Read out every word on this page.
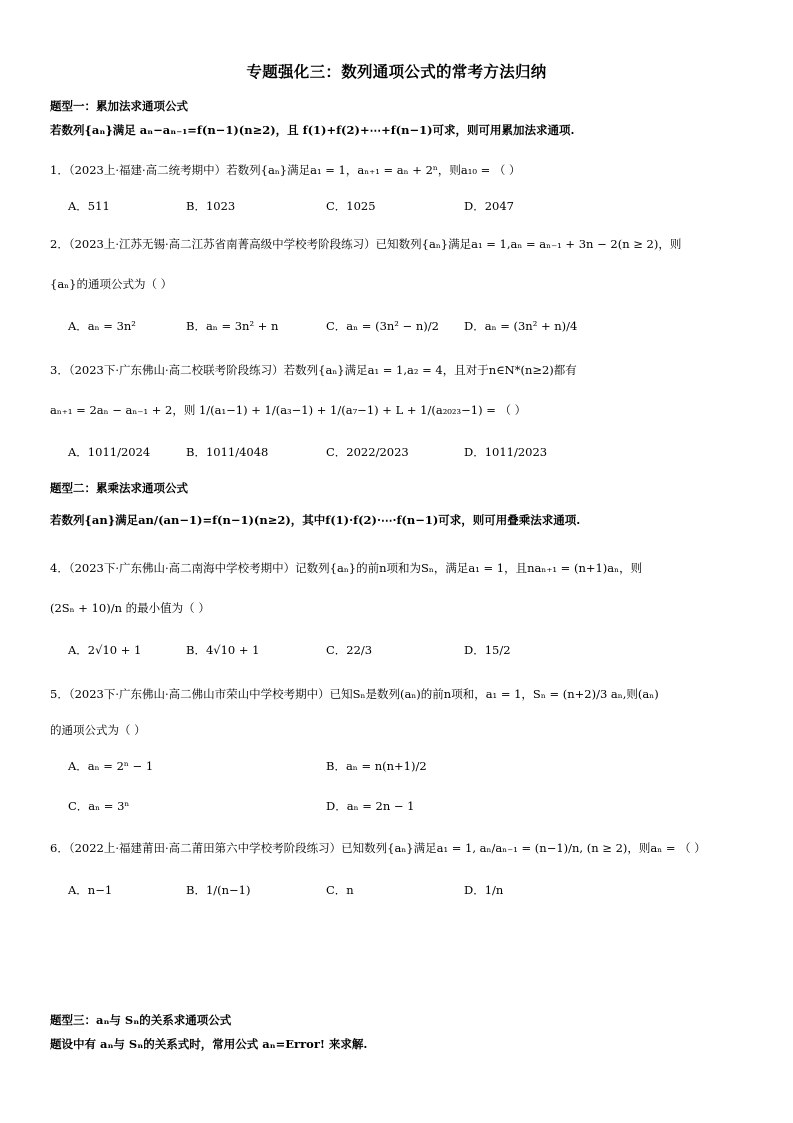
专题强化三：数列通项公式的常考方法归纳
题型一：累加法求通项公式
若数列{aₙ}满足 aₙ−aₙ₋₁=f(n−1)(n≥2)，且 f(1)+f(2)+⋯+f(n−1)可求，则可用累加法求通项.
1．（2023上·福建·高二统考期中）若数列{aₙ}满足a₁ = 1，aₙ₊₁ = aₙ + 2ⁿ，则a₁₀ = （ ）
A．511	B．1023	C．1025	D．2047
2．（2023上·江苏无锡·高二江苏省南菁高级中学校考阶段练习）已知数列{aₙ}满足a₁ = 1,aₙ = aₙ₋₁ + 3n − 2(n ≥ 2)，则
{aₙ}的通项公式为（ ）
A．aₙ = 3n²	B．aₙ = 3n² + n	C．aₙ = (3n² − n)/2 D．aₙ = (3n² + n)/4
3．（2023下·广东佛山·高二校联考阶段练习）若数列{aₙ}满足a₁ = 1,a₂ = 4，且对于n∈N*(n≥2)都有
aₙ₊₁ = 2aₙ − aₙ₋₁ + 2，则 1/(a₁−1) + 1/(a₃−1) + 1/(a₇−1) + L + 1/(a₂₀₂₃−1) = （ ）
A．1011/2024	B．1011/4048	C．2022/2023	D．1011/2023
题型二：累乘法求通项公式
若数列{an}满足an/(an−1)=f(n−1)(n≥2)，其中f(1)·f(2)·⋯·f(n−1)可求，则可用叠乘法求通项.
4．（2023下·广东佛山·高二南海中学校考期中）记数列{aₙ}的前n项和为Sₙ，满足a₁ = 1，且naₙ₊₁ = (n+1)aₙ，则
(2Sₙ + 10)/n 的最小值为（ ）
A．2√10 + 1	B．4√10 + 1	C．22/3	D．15/2
5．（2023下·广东佛山·高二佛山市荣山中学校考期中）已知Sₙ是数列(aₙ)的前n项和，a₁ = 1，Sₙ = (n+2)/3 aₙ,则(aₙ)
的通项公式为（ ）
A．aₙ = 2ⁿ − 1	B．aₙ = n(n+1)/2
C．aₙ = 3ⁿ	D．aₙ = 2n − 1
6．（2022上·福建莆田·高二莆田第六中学校考阶段练习）已知数列{aₙ}满足a₁ = 1, aₙ/aₙ₋₁ = (n−1)/n, (n ≥ 2)，则aₙ = （ ）
A．n−1	B．1/(n−1)	C．n	D．1/n
题型三：aₙ与 Sₙ的关系求通项公式
题设中有 aₙ与 Sₙ的关系式时，常用公式 aₙ=Error! 来求解.
